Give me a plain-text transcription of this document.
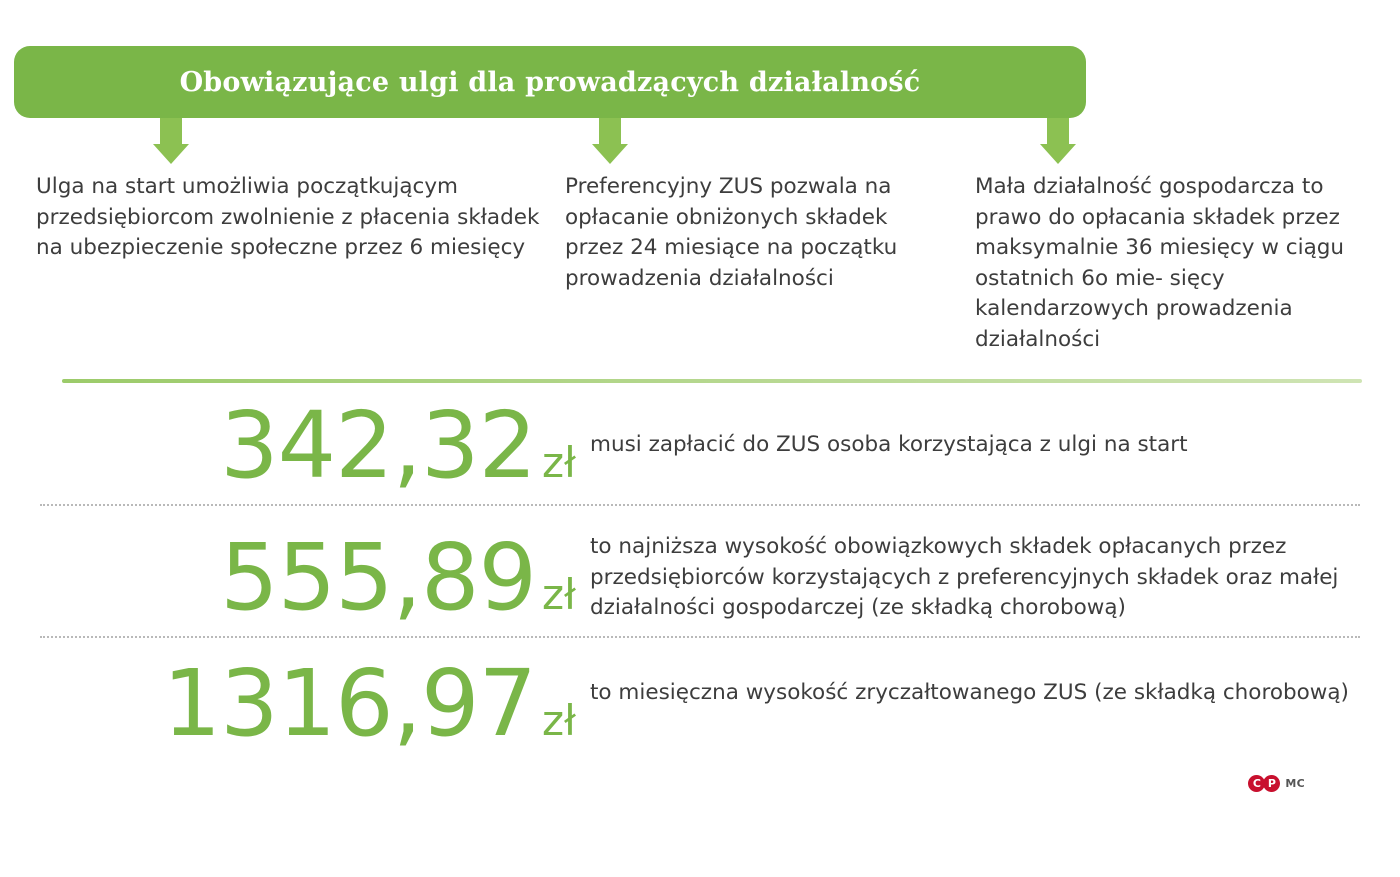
Obowiązujące ulgi dla prowadzących działalność
Ulga na start umożliwia początkującym przedsiębiorcom zwolnienie z płacenia składek na ubezpieczenie społeczne przez 6 miesięcy
Preferencyjny ZUS pozwala na opłacanie obniżonych składek przez 24 miesiące na początku prowadzenia działalności
Mała działalność gospodarcza to prawo do opłacania składek przez maksymalnie 36 miesięcy w ciągu ostatnich 6o mie- sięcy kalendarzowych prowadzenia działalności
342,32 zł musi zapłacić do ZUS osoba korzystająca z ulgi na start
555,89 zł
to najniższa wysokość obowiązkowych składek opłacanych przez przedsiębiorców korzystających z preferencyjnych składek oraz małej działalności gospodarczej (ze składką chorobową)
1316,97 zł
to miesięczna wysokość zryczałtowanego ZUS (ze składką chorobową)
C P MC
